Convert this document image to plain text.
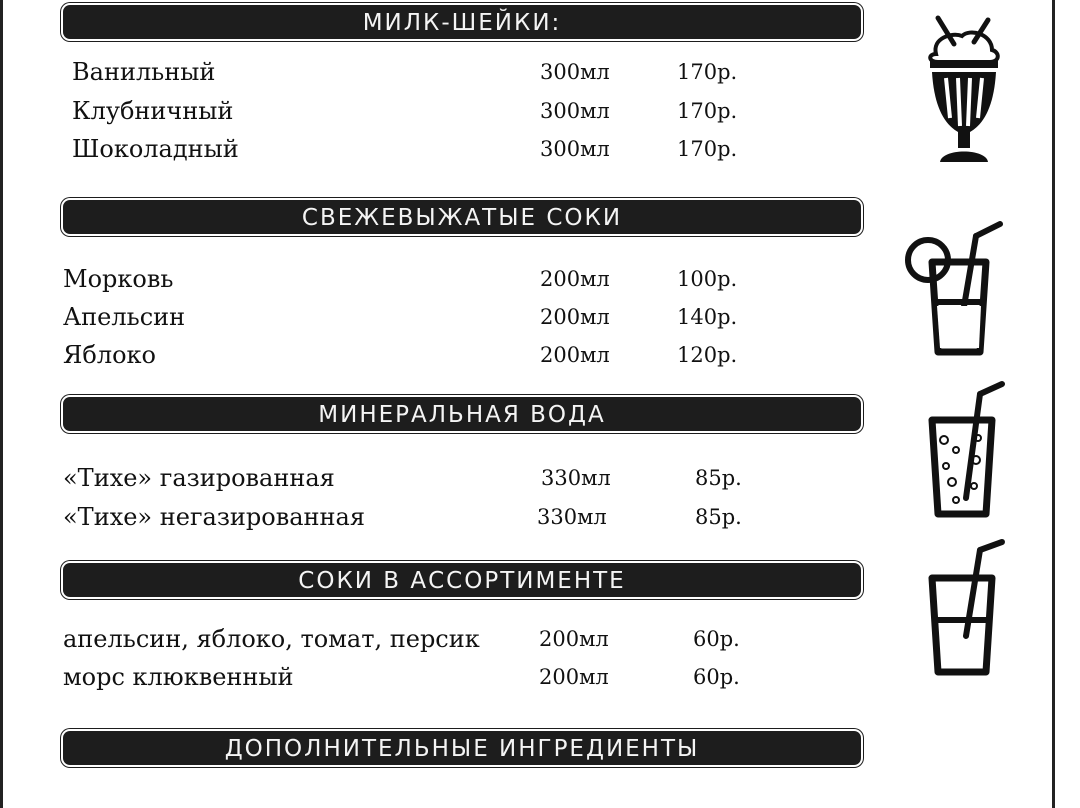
МИЛК-ШЕЙКИ:
Ванильный	300мл	170р.
Клубничный	300мл	170р.
Шоколадный	300мл	170р.
СВЕЖЕВЫЖАТЫЕ СОКИ
Морковь	200мл	100р.
Апельсин	200мл	140р.
Яблоко	200мл	120р.
МИНЕРАЛЬНАЯ ВОДА
«Тихе» газированная	330мл	85р.
«Тихе» негазированная	330мл	85р.
СОКИ В АССОРТИМЕНТЕ
апельсин, яблоко, томат, персик	200мл	60р.
морс клюквенный	200мл	60р.
ДОПОЛНИТЕЛЬНЫЕ ИНГРЕДИЕНТЫ
